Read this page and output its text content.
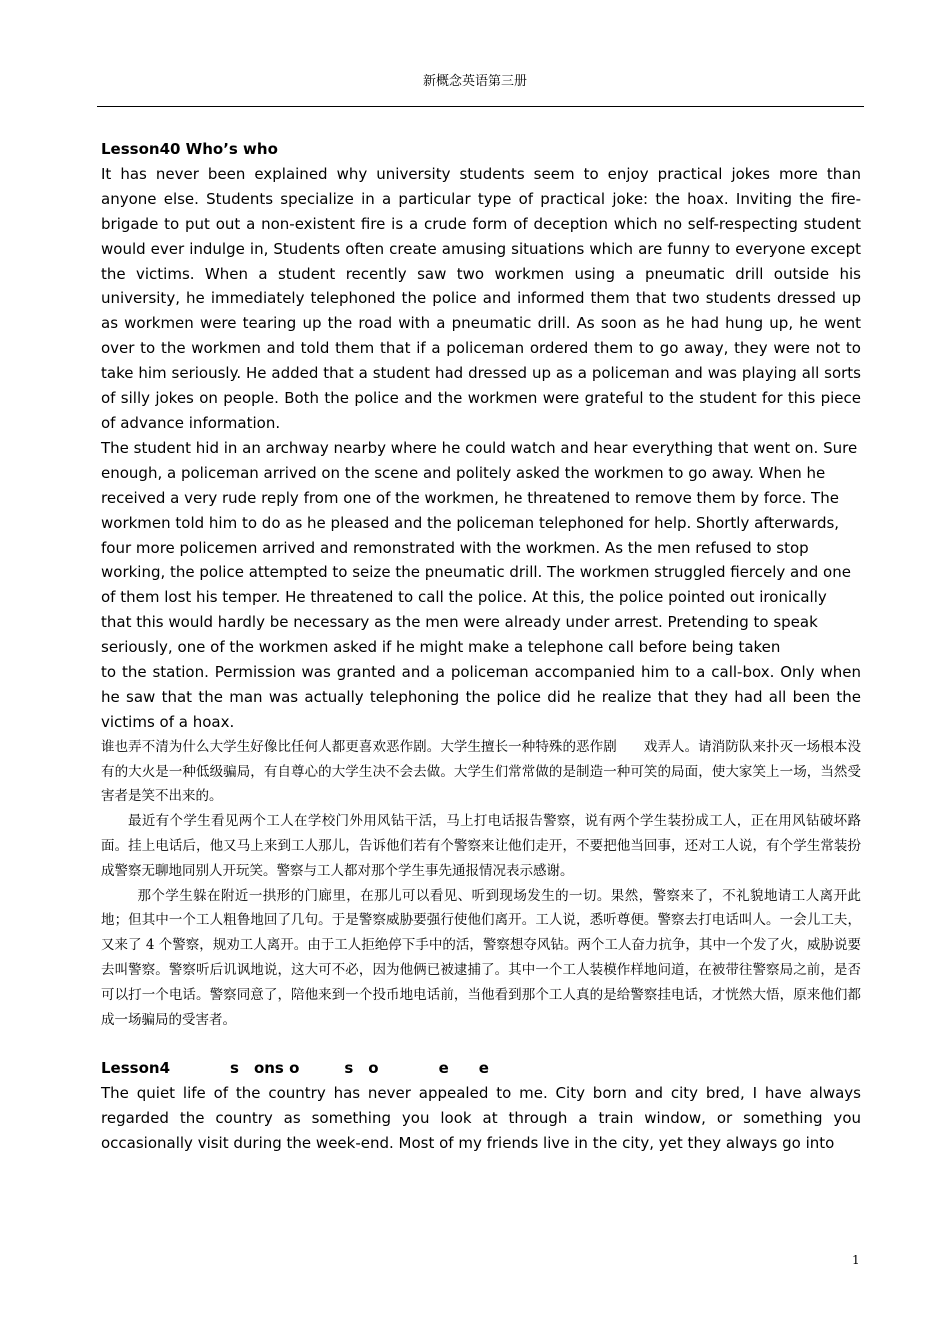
新概念英语第三册

Lesson40 Who’s who

It has never been explained why university students seem to enjoy practical jokes more than anyone else. Students specialize in a particular type of practical joke: the hoax. Inviting the fire-brigade to put out a non-existent fire is a crude form of deception which no self-respecting student would ever indulge in, Students often create amusing situations which are funny to everyone except the victims. When a student recently saw two workmen using a pneumatic drill outside his university, he immediately telephoned the police and informed them that two students dressed up as workmen were tearing up the road with a pneumatic drill. As soon as he had hung up, he went over to the workmen and told them that if a policeman ordered them to go away, they were not to take him seriously. He added that a student had dressed up as a policeman and was playing all sorts of silly jokes on people. Both the police and the workmen were grateful to the student for this piece of advance information.

The student hid in an archway nearby where he could watch and hear everything that went on. Sure enough, a policeman arrived on the scene and politely asked the workmen to go away. When he received a very rude reply from one of the workmen, he threatened to remove them by force. The workmen told him to do as he pleased and the policeman telephoned for help. Shortly afterwards, four more policemen arrived and remonstrated with the workmen. As the men refused to stop working, the police attempted to seize the pneumatic drill. The workmen struggled fiercely and one of them lost his temper. He threatened to call the police. At this, the police pointed out ironically that this would hardly be necessary as the men were already under arrest. Pretending to speak seriously, one of the workmen asked if he might make a telephone call before being taken

to the station. Permission was granted and a policeman accompanied him to a call-box. Only when he saw that the man was actually telephoning the police did he realize that they had all been the victims of a hoax.

谁也弄不清为什么大学生好像比任何人都更喜欢恶作剧。大学生擅长一种特殊的恶作剧　　戏弄人。请消防队来扑灭一场根本没有的大火是一种低级骗局，有自尊心的大学生决不会去做。大学生们常常做的是制造一种可笑的局面，使大家笑上一场，当然受害者是笑不出来的。

最近有个学生看见两个工人在学校门外用风钻干活，马上打电话报告警察，说有两个学生装扮成工人，正在用风钻破坏路面。挂上电话后，他又马上来到工人那儿，告诉他们若有个警察来让他们走开，不要把他当回事，还对工人说，有个学生常装扮成警察无聊地同别人开玩笑。警察与工人都对那个学生事先通报情况表示感谢。

那个学生躲在附近一拱形的门廊里，在那儿可以看见、听到现场发生的一切。果然，警察来了，不礼貌地请工人离开此地；但其中一个工人粗鲁地回了几句。于是警察威胁要强行使他们离开。工人说，悉听尊便。警察去打电话叫人。一会儿工夫，又来了 4 个警察，规劝工人离开。由于工人拒绝停下手中的活，警察想夺风钻。两个工人奋力抗争，其中一个发了火，威胁说要去叫警察。警察听后讥讽地说，这大可不必，因为他俩已被逮捕了。其中一个工人装模作样地问道，在被带往警察局之前，是否可以打一个电话。警察同意了，陪他来到一个投币地电话前，当他看到那个工人真的是给警察挂电话，才恍然大悟，原来他们都成一场骗局的受害者。

Lesson4　　　　s　ons o　　　s　o　　　　e　　e

The quiet life of the country has never appealed to me. City born and city bred, I have always regarded the country as something you look at through a train window, or something you occasionally visit during the week-end. Most of my friends live in the city, yet they always go into

1
